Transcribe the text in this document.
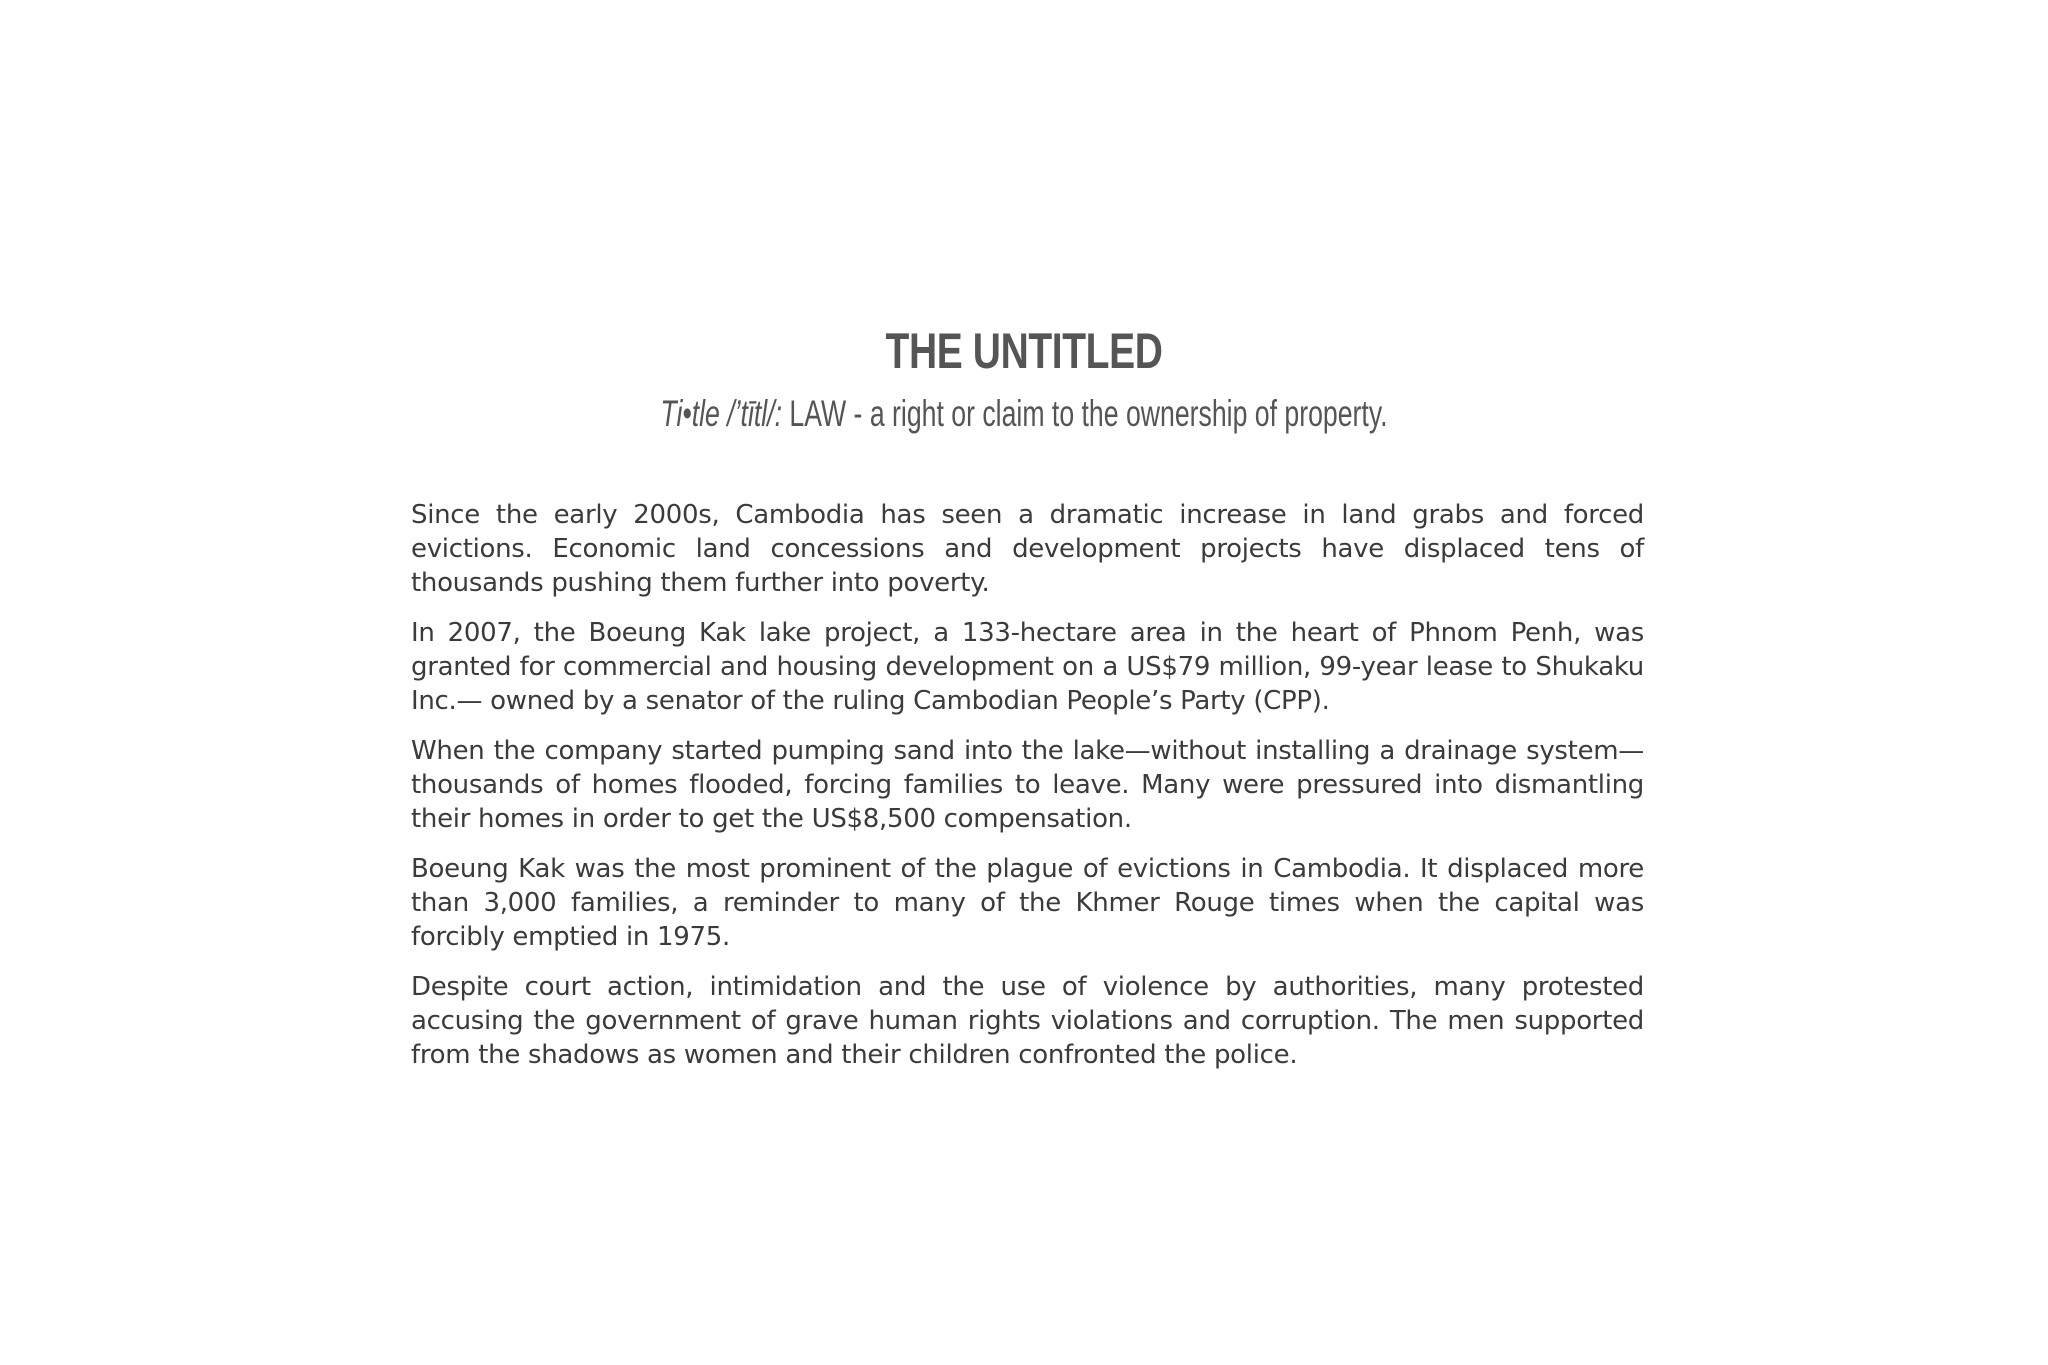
THE UNTITLED
Ti•tle /’tītl/: LAW - a right or claim to the ownership of property.

Since the early 2000s, Cambodia has seen a dramatic increase in land grabs and forced evictions. Economic land concessions and development projects have displaced tens of thousands pushing them further into poverty.

In 2007, the Boeung Kak lake project, a 133-hectare area in the heart of Phnom Penh, was granted for commercial and housing development on a US$79 million, 99-year lease to Shukaku Inc.— owned by a senator of the ruling Cambodian People’s Party (CPP).

When the company started pumping sand into the lake—without installing a drainage system—thousands of homes flooded, forcing families to leave. Many were pressured into dismantling their homes in order to get the US$8,500 compensation.

Boeung Kak was the most prominent of the plague of evictions in Cambodia. It displaced more than 3,000 families, a reminder to many of the Khmer Rouge times when the capital was forcibly emptied in 1975.

Despite court action, intimidation and the use of violence by authorities, many protested accusing the government of grave human rights violations and corruption. The men supported from the shadows as women and their children confronted the police.
